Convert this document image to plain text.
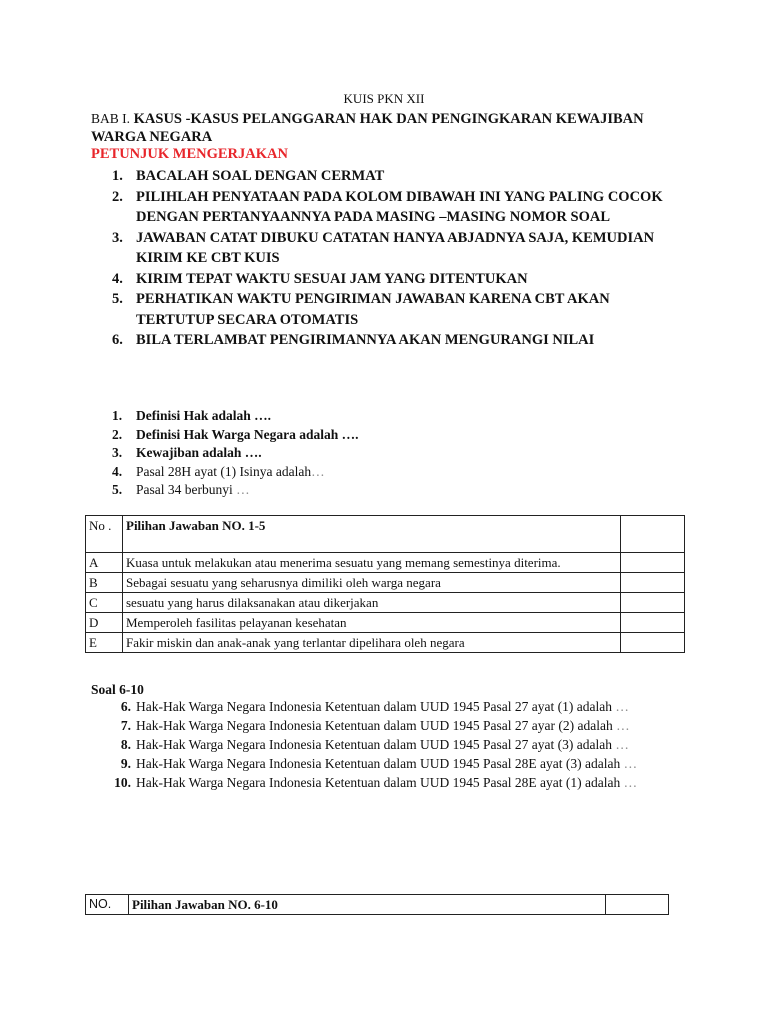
KUIS PKN XII
BAB I. KASUS -KASUS PELANGGARAN HAK DAN PENGINGKARAN KEWAJIBAN WARGA NEGARA
PETUNJUK MENGERJAKAN
1. BACALAH SOAL DENGAN CERMAT
2. PILIHLAH PENYATAAN PADA KOLOM DIBAWAH INI YANG PALING COCOK DENGAN PERTANYAANNYA PADA MASING –MASING NOMOR SOAL
3. JAWABAN CATAT DIBUKU CATATAN HANYA ABJADNYA SAJA, KEMUDIAN KIRIM KE CBT KUIS
4. KIRIM TEPAT WAKTU SESUAI JAM YANG DITENTUKAN
5. PERHATIKAN WAKTU PENGIRIMAN JAWABAN KARENA CBT AKAN TERTUTUP SECARA OTOMATIS
6. BILA TERLAMBAT PENGIRIMANNYA AKAN MENGURANGI NILAI
1. Definisi Hak adalah ….
2. Definisi Hak Warga Negara adalah ….
3. Kewajiban adalah ….
4. Pasal 28H ayat (1) Isinya adalah…
5. Pasal 34 berbunyi …
No .	Pilihan Jawaban NO. 1-5	
A	Kuasa untuk melakukan atau menerima sesuatu yang memang semestinya diterima.	
B	Sebagai sesuatu yang seharusnya dimiliki oleh warga negara	
C	sesuatu yang harus dilaksanakan atau dikerjakan	
D	Memperoleh fasilitas pelayanan kesehatan	
E	Fakir miskin dan anak-anak yang terlantar dipelihara oleh negara	
Soal 6-10
6. Hak-Hak Warga Negara Indonesia Ketentuan dalam UUD 1945 Pasal 27 ayat (1) adalah …
7. Hak-Hak Warga Negara Indonesia Ketentuan dalam UUD 1945 Pasal 27 ayar (2) adalah …
8. Hak-Hak Warga Negara Indonesia Ketentuan dalam UUD 1945 Pasal 27 ayat (3) adalah …
9. Hak-Hak Warga Negara Indonesia Ketentuan dalam UUD 1945 Pasal 28E ayat (3) adalah …
10. Hak-Hak Warga Negara Indonesia Ketentuan dalam UUD 1945 Pasal 28E ayat (1) adalah …
NO.	Pilihan Jawaban NO. 6-10	
